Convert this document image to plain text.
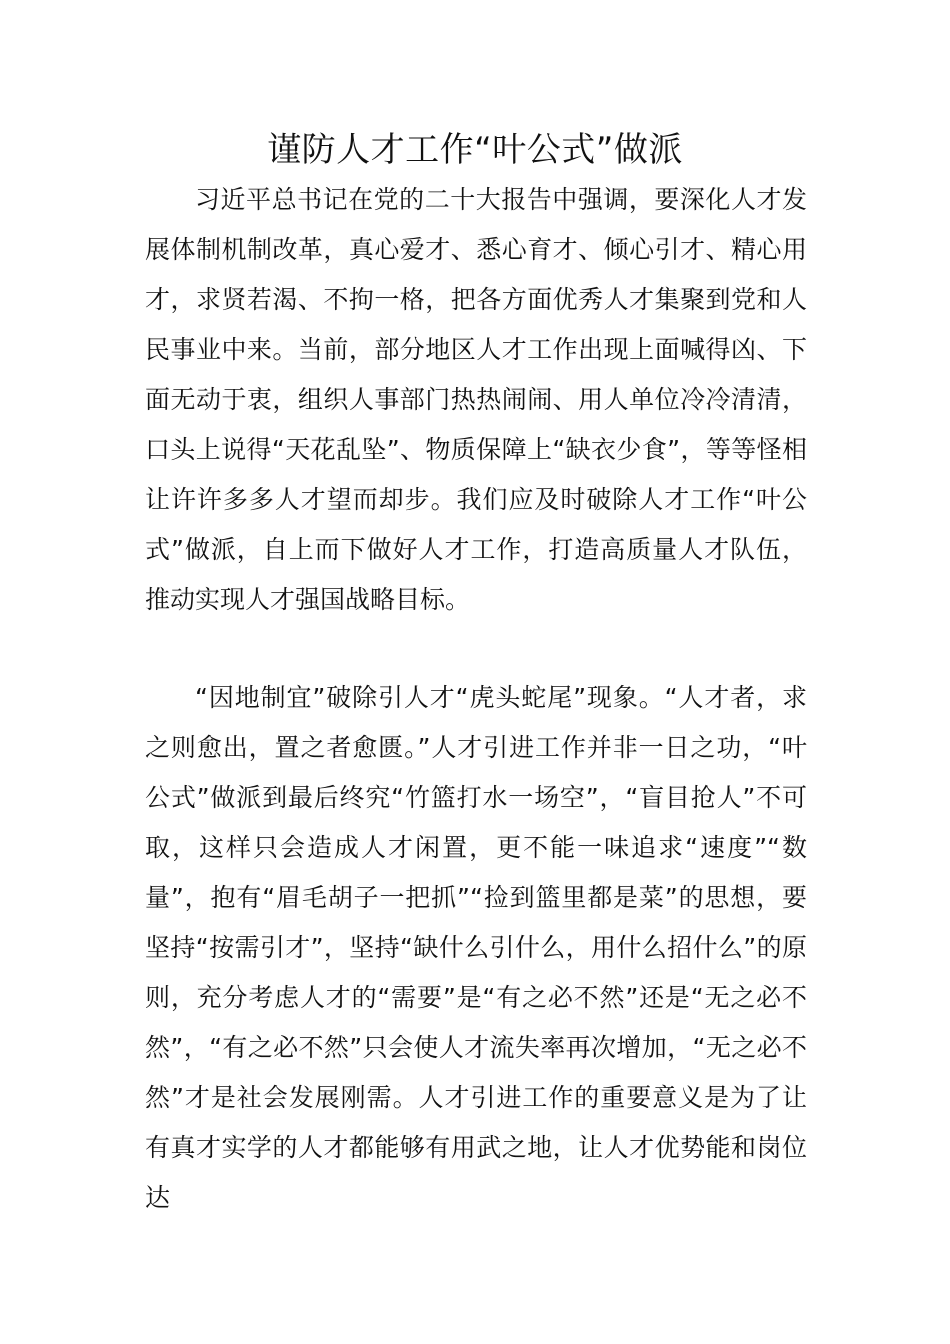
谨防人才工作“叶公式”做派

习近平总书记在党的二十大报告中强调，要深化人才发展体制机制改革，真心爱才、悉心育才、倾心引才、精心用才，求贤若渴、不拘一格，把各方面优秀人才集聚到党和人民事业中来。当前，部分地区人才工作出现上面喊得凶、下面无动于衷，组织人事部门热热闹闹、用人单位冷冷清清，口头上说得“天花乱坠”、物质保障上“缺衣少食”，等等怪相让许许多多人才望而却步。我们应及时破除人才工作“叶公式”做派，自上而下做好人才工作，打造高质量人才队伍，推动实现人才强国战略目标。

“因地制宜”破除引人才“虎头蛇尾”现象。“人才者，求之则愈出，置之者愈匮。”人才引进工作并非一日之功，“叶公式”做派到最后终究“竹篮打水一场空”，“盲目抢人”不可取，这样只会造成人才闲置，更不能一味追求“速度”“数量”，抱有“眉毛胡子一把抓”“捡到篮里都是菜”的思想，要坚持“按需引才”，坚持“缺什么引什么，用什么招什么”的原则，充分考虑人才的“需要”是“有之必不然”还是“无之必不然”，“有之必不然”只会使人才流失率再次增加，“无之必不然”才是社会发展刚需。人才引进工作的重要意义是为了让有真才实学的人才都能够有用武之地，让人才优势能和岗位达
